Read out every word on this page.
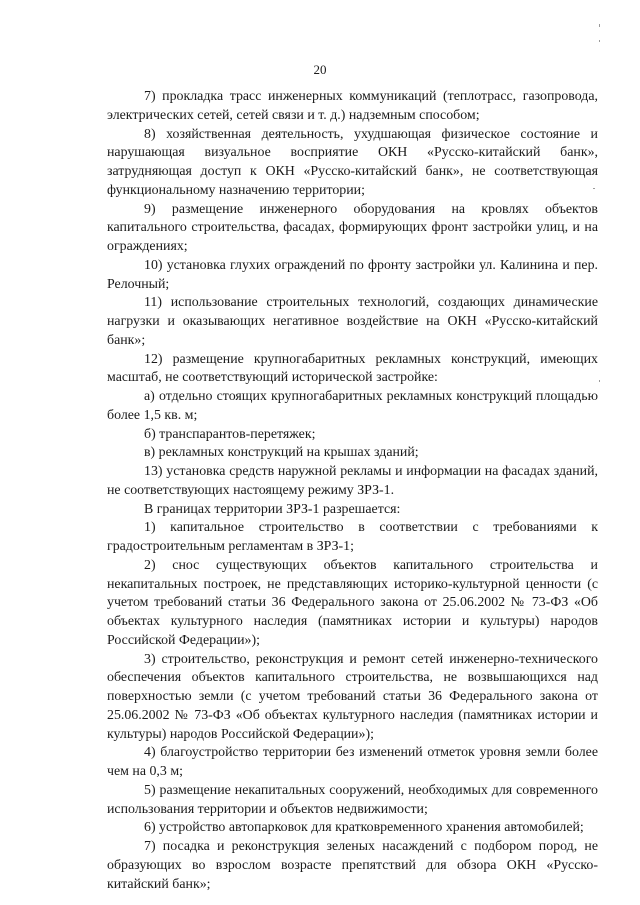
20

7) прокладка трасс инженерных коммуникаций (теплотрасс, газопровода, электрических сетей, сетей связи и т. д.) надземным способом;

8) хозяйственная деятельность, ухудшающая физическое состояние и нарушающая визуальное восприятие ОКН «Русско-китайский банк», затрудняющая доступ к ОКН «Русско-китайский банк», не соответствующая функциональному назначению территории;

9) размещение инженерного оборудования на кровлях объектов капитального строительства, фасадах, формирующих фронт застройки улиц, и на ограждениях;

10) установка глухих ограждений по фронту застройки ул. Калинина и пер. Релочный;

11) использование строительных технологий, создающих динамические нагрузки и оказывающих негативное воздействие на ОКН «Русско-китайский банк»;

12) размещение крупногабаритных рекламных конструкций, имеющих масштаб, не соответствующий исторической застройке:

а) отдельно стоящих крупногабаритных рекламных конструкций площадью более 1,5 кв. м;

б) транспарантов-перетяжек;

в) рекламных конструкций на крышах зданий;

13) установка средств наружной рекламы и информации на фасадах зданий, не соответствующих настоящему режиму ЗРЗ-1.

В границах территории ЗРЗ-1 разрешается:

1) капитальное строительство в соответствии с требованиями к градостроительным регламентам в ЗРЗ-1;

2) снос существующих объектов капитального строительства и некапитальных построек, не представляющих историко-культурной ценности (с учетом требований статьи 36 Федерального закона от 25.06.2002 № 73-ФЗ «Об объектах культурного наследия (памятниках истории и культуры) народов Российской Федерации»);

3) строительство, реконструкция и ремонт сетей инженерно-технического обеспечения объектов капитального строительства, не возвышающихся над поверхностью земли (с учетом требований статьи 36 Федерального закона от 25.06.2002 № 73-ФЗ «Об объектах культурного наследия (памятниках истории и культуры) народов Российской Федерации»);

4) благоустройство территории без изменений отметок уровня земли более чем на 0,3 м;

5) размещение некапитальных сооружений, необходимых для современного использования территории и объектов недвижимости;

6) устройство автопарковок для кратковременного хранения автомобилей;

7) посадка и реконструкция зеленых насаждений с подбором пород, не образующих во взрослом возрасте препятствий для обзора ОКН «Русско-китайский банк»;
